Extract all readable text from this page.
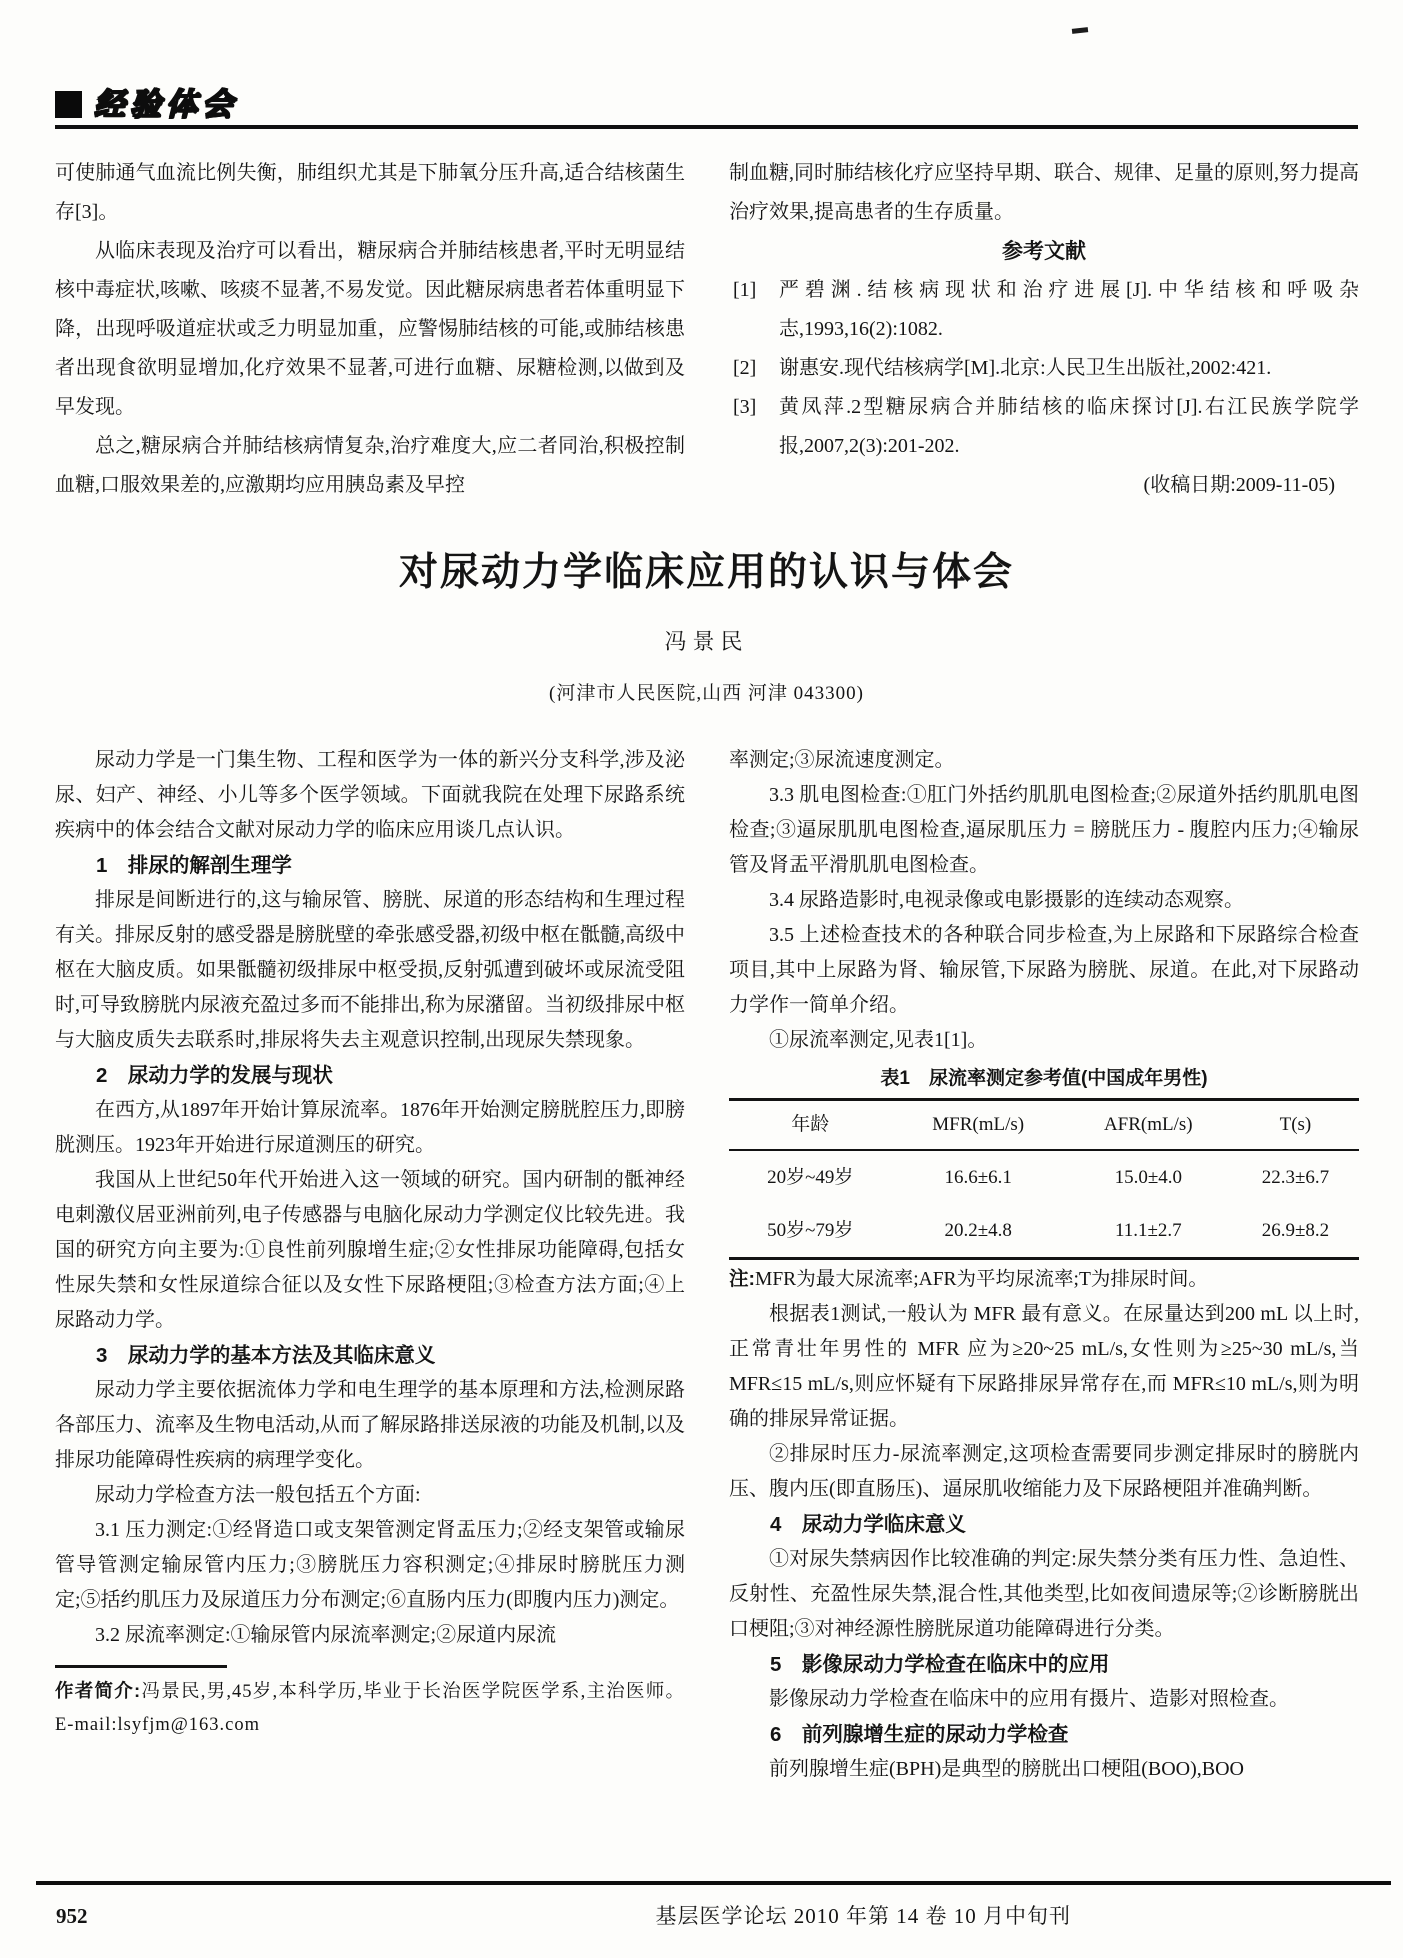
经验体会

可使肺通气血流比例失衡，肺组织尤其是下肺氧分压升高,适合结核菌生存[3]。

从临床表现及治疗可以看出，糖尿病合并肺结核患者,平时无明显结核中毒症状,咳嗽、咳痰不显著,不易发觉。因此糖尿病患者若体重明显下降，出现呼吸道症状或乏力明显加重，应警惕肺结核的可能,或肺结核患者出现食欲明显增加,化疗效果不显著,可进行血糖、尿糖检测,以做到及早发现。

总之,糖尿病合并肺结核病情复杂,治疗难度大,应二者同治,积极控制血糖,口服效果差的,应激期均应用胰岛素及早控

制血糖,同时肺结核化疗应坚持早期、联合、规律、足量的原则,努力提高治疗效果,提高患者的生存质量。

参考文献

[1] 严碧渊.结核病现状和治疗进展[J].中华结核和呼吸杂志,1993,16(2):1082.

[2] 谢惠安.现代结核病学[M].北京:人民卫生出版社,2002:421.

[3] 黄凤萍.2型糖尿病合并肺结核的临床探讨[J].右江民族学院学报,2007,2(3):201-202.

(收稿日期:2009-11-05)

对尿动力学临床应用的认识与体会
冯景民
(河津市人民医院,山西 河津 043300)

尿动力学是一门集生物、工程和医学为一体的新兴分支科学,涉及泌尿、妇产、神经、小儿等多个医学领域。下面就我院在处理下尿路系统疾病中的体会结合文献对尿动力学的临床应用谈几点认识。

1　排尿的解剖生理学

排尿是间断进行的,这与输尿管、膀胱、尿道的形态结构和生理过程有关。排尿反射的感受器是膀胱壁的牵张感受器,初级中枢在骶髓,高级中枢在大脑皮质。如果骶髓初级排尿中枢受损,反射弧遭到破坏或尿流受阻时,可导致膀胱内尿液充盈过多而不能排出,称为尿潴留。当初级排尿中枢与大脑皮质失去联系时,排尿将失去主观意识控制,出现尿失禁现象。

2　尿动力学的发展与现状

在西方,从1897年开始计算尿流率。1876年开始测定膀胱腔压力,即膀胱测压。1923年开始进行尿道测压的研究。

我国从上世纪50年代开始进入这一领域的研究。国内研制的骶神经电刺激仪居亚洲前列,电子传感器与电脑化尿动力学测定仪比较先进。我国的研究方向主要为:①良性前列腺增生症;②女性排尿功能障碍,包括女性尿失禁和女性尿道综合征以及女性下尿路梗阻;③检查方法方面;④上尿路动力学。

3　尿动力学的基本方法及其临床意义

尿动力学主要依据流体力学和电生理学的基本原理和方法,检测尿路各部压力、流率及生物电活动,从而了解尿路排送尿液的功能及机制,以及排尿功能障碍性疾病的病理学变化。

尿动力学检查方法一般包括五个方面:

3.1 压力测定:①经肾造口或支架管测定肾盂压力;②经支架管或输尿管导管测定输尿管内压力;③膀胱压力容积测定;④排尿时膀胱压力测定;⑤括约肌压力及尿道压力分布测定;⑥直肠内压力(即腹内压力)测定。

3.2 尿流率测定:①输尿管内尿流率测定;②尿道内尿流

作者简介:冯景民,男,45岁,本科学历,毕业于长治医学院医学系,主治医师。E-mail:lsyfjm@163.com

率测定;③尿流速度测定。

3.3 肌电图检查:①肛门外括约肌肌电图检查;②尿道外括约肌肌电图检查;③逼尿肌肌电图检查,逼尿肌压力 = 膀胱压力 - 腹腔内压力;④输尿管及肾盂平滑肌肌电图检查。

3.4 尿路造影时,电视录像或电影摄影的连续动态观察。

3.5 上述检查技术的各种联合同步检查,为上尿路和下尿路综合检查项目,其中上尿路为肾、输尿管,下尿路为膀胱、尿道。在此,对下尿路动力学作一简单介绍。

①尿流率测定,见表1[1]。

表1　尿流率测定参考值(中国成年男性)
年龄	MFR(mL/s)	AFR(mL/s)	T(s)
20岁~49岁	16.6±6.1	15.0±4.0	22.3±6.7
50岁~79岁	20.2±4.8	11.1±2.7	26.9±8.2

注:MFR为最大尿流率;AFR为平均尿流率;T为排尿时间。

根据表1测试,一般认为 MFR 最有意义。在尿量达到200 mL 以上时,正常青壮年男性的 MFR 应为≥20~25 mL/s,女性则为≥25~30 mL/s,当 MFR≤15 mL/s,则应怀疑有下尿路排尿异常存在,而 MFR≤10 mL/s,则为明确的排尿异常证据。

②排尿时压力-尿流率测定,这项检查需要同步测定排尿时的膀胱内压、腹内压(即直肠压)、逼尿肌收缩能力及下尿路梗阻并准确判断。

4　尿动力学临床意义

①对尿失禁病因作比较准确的判定:尿失禁分类有压力性、急迫性、反射性、充盈性尿失禁,混合性,其他类型,比如夜间遗尿等;②诊断膀胱出口梗阻;③对神经源性膀胱尿道功能障碍进行分类。

5　影像尿动力学检查在临床中的应用

影像尿动力学检查在临床中的应用有摄片、造影对照检查。

6　前列腺增生症的尿动力学检查

前列腺增生症(BPH)是典型的膀胱出口梗阻(BOO),BOO

952	基层医学论坛 2010 年第 14 卷 10 月中旬刊
